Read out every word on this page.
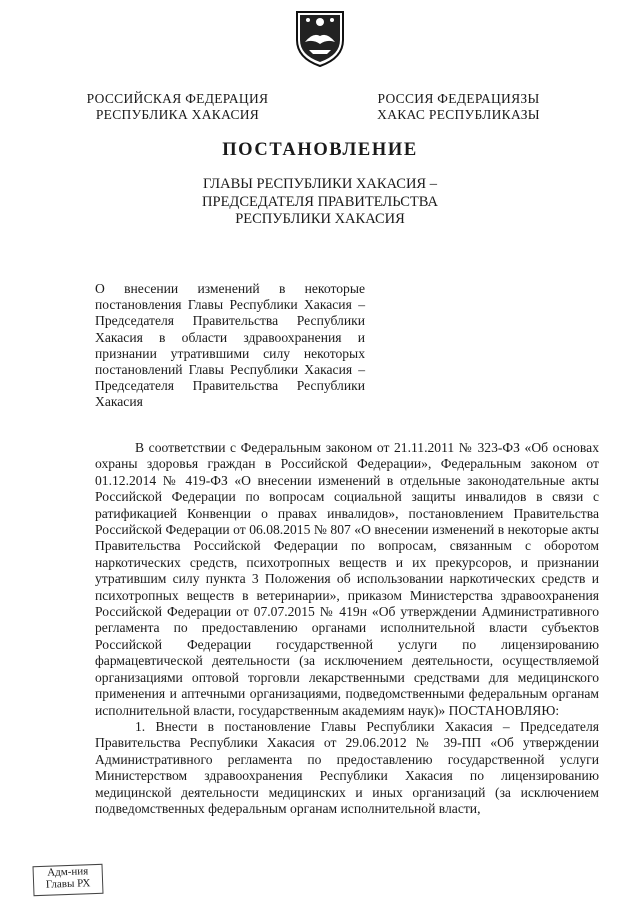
РОССИЙСКАЯ ФЕДЕРАЦИЯ
РЕСПУБЛИКА ХАКАСИЯ
РОССИЯ ФЕДЕРАЦИЯЗЫ
ХАКАС РЕСПУБЛИКАЗЫ
ПОСТАНОВЛЕНИЕ
ГЛАВЫ РЕСПУБЛИКИ ХАКАСИЯ –
ПРЕДСЕДАТЕЛЯ ПРАВИТЕЛЬСТВА
РЕСПУБЛИКИ ХАКАСИЯ
О внесении изменений в некоторые постановления Главы Республики Хакасия – Председателя Правительства Республики Хакасия в области здравоохранения и признании утратившими силу некоторых постановлений Главы Республики Хакасия – Председателя Правительства Республики Хакасия

В соответствии с Федеральным законом от 21.11.2011 № 323-ФЗ «Об основах охраны здоровья граждан в Российской Федерации», Федеральным законом от 01.12.2014 № 419-ФЗ «О внесении изменений в отдельные законодательные акты Российской Федерации по вопросам социальной защиты инвалидов в связи с ратификацией Конвенции о правах инвалидов», постановлением Правительства Российской Федерации от 06.08.2015 № 807 «О внесении изменений в некоторые акты Правительства Российской Федерации по вопросам, связанным с оборотом наркотических средств, психотропных веществ и их прекурсоров, и признании утратившим силу пункта 3 Положения об использовании наркотических средств и психотропных веществ в ветеринарии», приказом Министерства здравоохранения Российской Федерации от 07.07.2015 № 419н «Об утверждении Административного регламента по предоставлению органами исполнительной власти субъектов Российской Федерации государственной услуги по лицензированию фармацевтической деятельности (за исключением деятельности, осуществляемой организациями оптовой торговли лекарственными средствами для медицинского применения и аптечными организациями, подведомственными федеральным органам исполнительной власти, государственным академиям наук)» ПОСТАНОВЛЯЮ:

1. Внести в постановление Главы Республики Хакасия – Председателя Правительства Республики Хакасия от 29.06.2012 № 39-ПП «Об утверждении Административного регламента по предоставлению государственной услуги Министерством здравоохранения Республики Хакасия по лицензированию медицинской деятельности медицинских и иных организаций (за исключением подведомственных федеральным органам исполнительной власти,

Адм-ния
Главы РХ
